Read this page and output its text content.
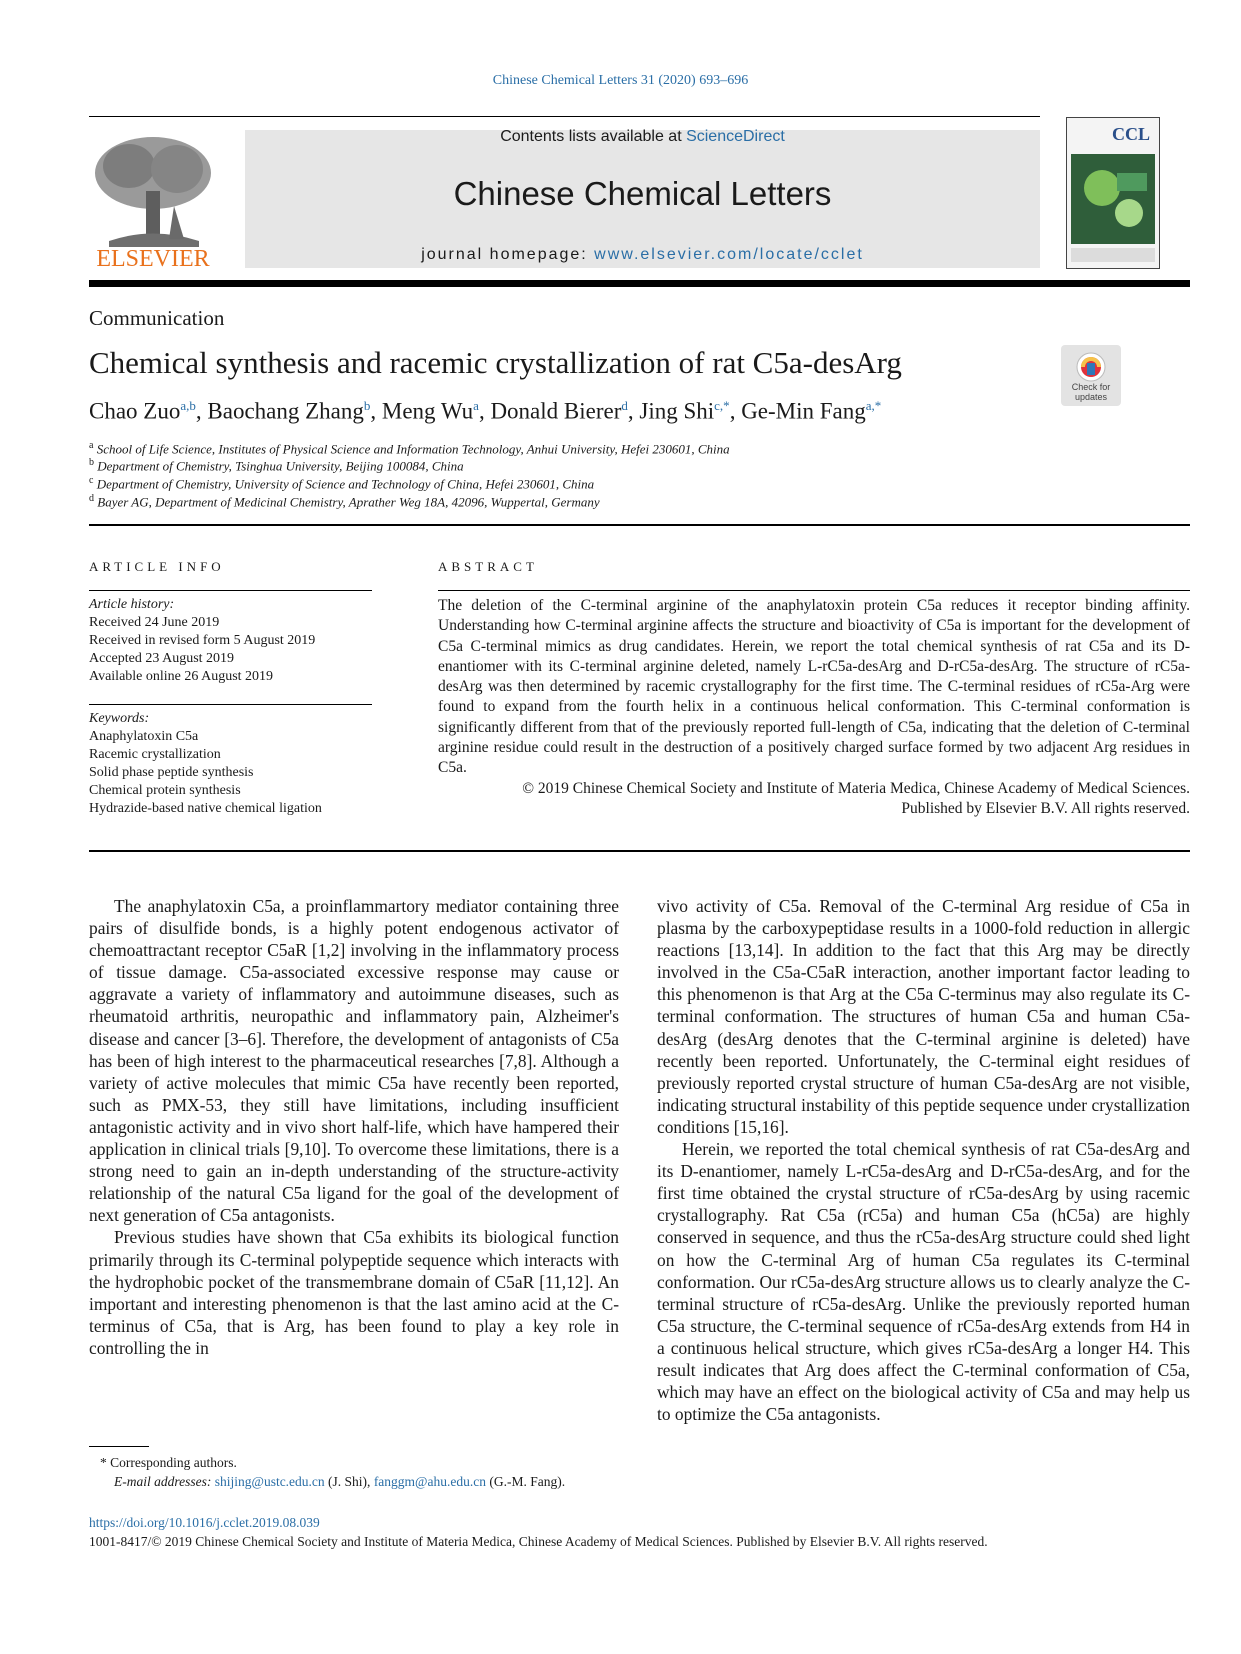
Chinese Chemical Letters 31 (2020) 693–696
ELSEVIER
Contents lists available at ScienceDirect
Chinese Chemical Letters
journal homepage: www.elsevier.com/locate/cclet
CCL
Communication
Chemical synthesis and racemic crystallization of rat C5a-desArg
Check for updates
Chao Zuo$^{a,b}$, Baochang Zhang$^b$, Meng Wu$^a$, Donald Bierer$^d$, Jing Shi$^{c,*}$, Ge-Min Fang$^{a,*}$
$^a$ School of Life Science, Institutes of Physical Science and Information Technology, Anhui University, Hefei 230601, China
$^b$ Department of Chemistry, Tsinghua University, Beijing 100084, China
$^c$ Department of Chemistry, University of Science and Technology of China, Hefei 230601, China
$^d$ Bayer AG, Department of Medicinal Chemistry, Aprather Weg 18A, 42096, Wuppertal, Germany
ARTICLE INFO
Article history:
Received 24 June 2019
Received in revised form 5 August 2019
Accepted 23 August 2019
Available online 26 August 2019
Keywords:
Anaphylatoxin C5a
Racemic crystallization
Solid phase peptide synthesis
Chemical protein synthesis
Hydrazide-based native chemical ligation
ABSTRACT
The deletion of the C-terminal arginine of the anaphylatoxin protein C5a reduces it receptor binding affinity. Understanding how C-terminal arginine affects the structure and bioactivity of C5a is important for the development of C5a C-terminal mimics as drug candidates. Herein, we report the total chemical synthesis of rat C5a and its D-enantiomer with its C-terminal arginine deleted, namely L-rC5a-desArg and D-rC5a-desArg. The structure of rC5a-desArg was then determined by racemic crystallography for the first time. The C-terminal residues of rC5a-Arg were found to expand from the fourth helix in a continuous helical conformation. This C-terminal conformation is significantly different from that of the previously reported full-length of C5a, indicating that the deletion of C-terminal arginine residue could result in the destruction of a positively charged surface formed by two adjacent Arg residues in C5a.
© 2019 Chinese Chemical Society and Institute of Materia Medica, Chinese Academy of Medical Sciences.
Published by Elsevier B.V. All rights reserved.

The anaphylatoxin C5a, a proinflammartory mediator containing three pairs of disulfide bonds, is a highly potent endogenous activator of chemoattractant receptor C5aR [1,2] involving in the inflammatory process of tissue damage. C5a-associated excessive response may cause or aggravate a variety of inflammatory and autoimmune diseases, such as rheumatoid arthritis, neuropathic and inflammatory pain, Alzheimer's disease and cancer [3–6]. Therefore, the development of antagonists of C5a has been of high interest to the pharmaceutical researches [7,8]. Although a variety of active molecules that mimic C5a have recently been reported, such as PMX-53, they still have limitations, including insufficient antagonistic activity and in vivo short half-life, which have hampered their application in clinical trials [9,10]. To overcome these limitations, there is a strong need to gain an in-depth understanding of the structure-activity relationship of the natural C5a ligand for the goal of the development of next generation of C5a antagonists.

Previous studies have shown that C5a exhibits its biological function primarily through its C-terminal polypeptide sequence which interacts with the hydrophobic pocket of the transmembrane domain of C5aR [11,12]. An important and interesting phenomenon is that the last amino acid at the C-terminus of C5a, that is Arg, has been found to play a key role in controlling the in

vivo activity of C5a. Removal of the C-terminal Arg residue of C5a in plasma by the carboxypeptidase results in a 1000-fold reduction in allergic reactions [13,14]. In addition to the fact that this Arg may be directly involved in the C5a-C5aR interaction, another important factor leading to this phenomenon is that Arg at the C5a C-terminus may also regulate its C-terminal conformation. The structures of human C5a and human C5a-desArg (desArg denotes that the C-terminal arginine is deleted) have recently been reported. Unfortunately, the C-terminal eight residues of previously reported crystal structure of human C5a-desArg are not visible, indicating structural instability of this peptide sequence under crystallization conditions [15,16].

Herein, we reported the total chemical synthesis of rat C5a-desArg and its D-enantiomer, namely L-rC5a-desArg and D-rC5a-desArg, and for the first time obtained the crystal structure of rC5a-desArg by using racemic crystallography. Rat C5a (rC5a) and human C5a (hC5a) are highly conserved in sequence, and thus the rC5a-desArg structure could shed light on how the C-terminal Arg of human C5a regulates its C-terminal conformation. Our rC5a-desArg structure allows us to clearly analyze the C-terminal structure of rC5a-desArg. Unlike the previously reported human C5a structure, the C-terminal sequence of rC5a-desArg extends from H4 in a continuous helical structure, which gives rC5a-desArg a longer H4. This result indicates that Arg does affect the C-terminal conformation of C5a, which may have an effect on the biological activity of C5a and may help us to optimize the C5a antagonists.

* Corresponding authors.
E-mail addresses: shijing@ustc.edu.cn (J. Shi), fanggm@ahu.edu.cn (G.-M. Fang).
https://doi.org/10.1016/j.cclet.2019.08.039
1001-8417/© 2019 Chinese Chemical Society and Institute of Materia Medica, Chinese Academy of Medical Sciences. Published by Elsevier B.V. All rights reserved.
